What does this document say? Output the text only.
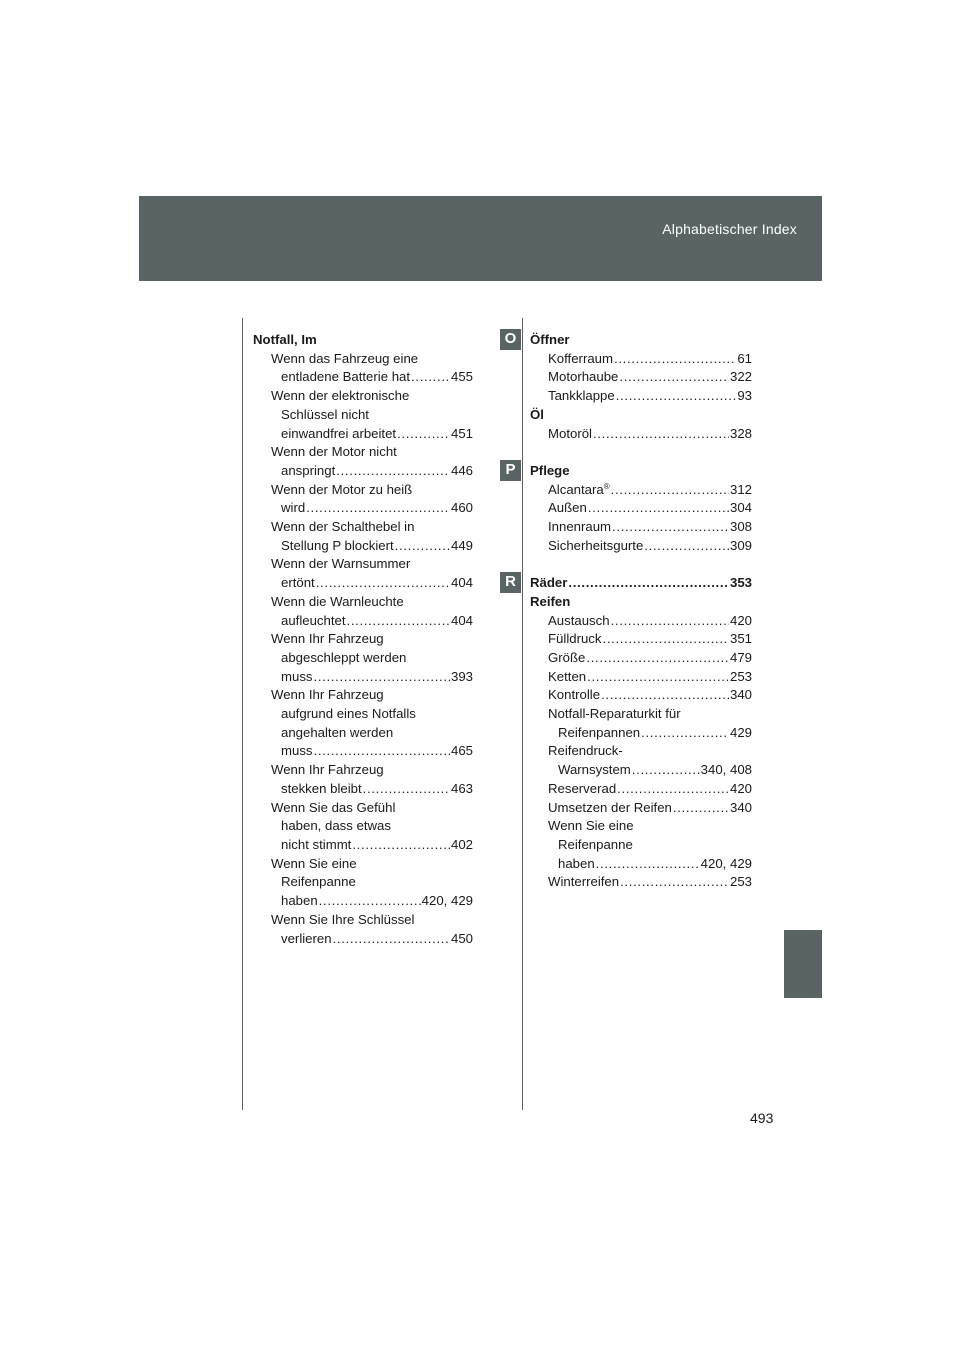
Alphabetischer Index
Notfall, Im
Wenn das Fahrzeug eine
entladene Batterie hat . . .	455
Wenn der elektronische
Schlüssel nicht
einwandfrei arbeitet . . .	451
Wenn der Motor nicht
anspringt . . .	446
Wenn der Motor zu heiß
wird . . .	460
Wenn der Schalthebel in
Stellung P blockiert . . .	449
Wenn der Warnsummer
ertönt . . .	404
Wenn die Warnleuchte
aufleuchtet . . .	404
Wenn Ihr Fahrzeug
abgeschleppt werden
muss . . .	393
Wenn Ihr Fahrzeug
aufgrund eines Notfalls
angehalten werden
muss . . .	465
Wenn Ihr Fahrzeug
stekken bleibt . . .	463
Wenn Sie das Gefühl
haben, dass etwas
nicht stimmt . . .	402
Wenn Sie eine
Reifenpanne
haben . . .	420, 429
Wenn Sie Ihre Schlüssel
verlieren . . .	450
O	Öffner
Kofferraum . . .	61
Motorhaube . . .	322
Tankklappe . . .	93
Öl
Motoröl . . .	328
P	Pflege
Alcantara® . . .	312
Außen . . .	304
Innenraum . . .	308
Sicherheitsgurte . . .	309
R	Räder . . .	353
Reifen
Austausch . . .	420
Fülldruck . . .	351
Größe . . .	479
Ketten . . .	253
Kontrolle . . .	340
Notfall-Reparaturkit für
Reifenpannen . . .	429
Reifendruck-
Warnsystem . . .	340, 408
Reserverad . . .	420
Umsetzen der Reifen . . .	340
Wenn Sie eine
Reifenpanne
haben . . .	420, 429
Winterreifen . . .	253
493
